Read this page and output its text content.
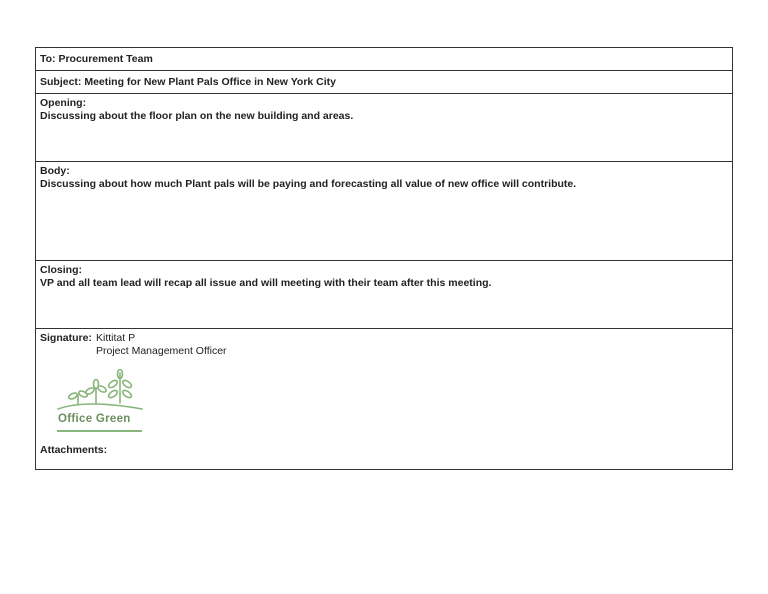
To: Procurement Team
Subject: Meeting for New Plant Pals Office in New York City
Opening:
Discussing about the floor plan on the new building and areas.
Body:
Discussing about how much Plant pals will be paying and forecasting all value of new office will contribute.
Closing:
VP and all team lead will recap all issue and will meeting with their team after this meeting.
Signature: Kittitat P
Project Management Officer
Office Green
Attachments:
